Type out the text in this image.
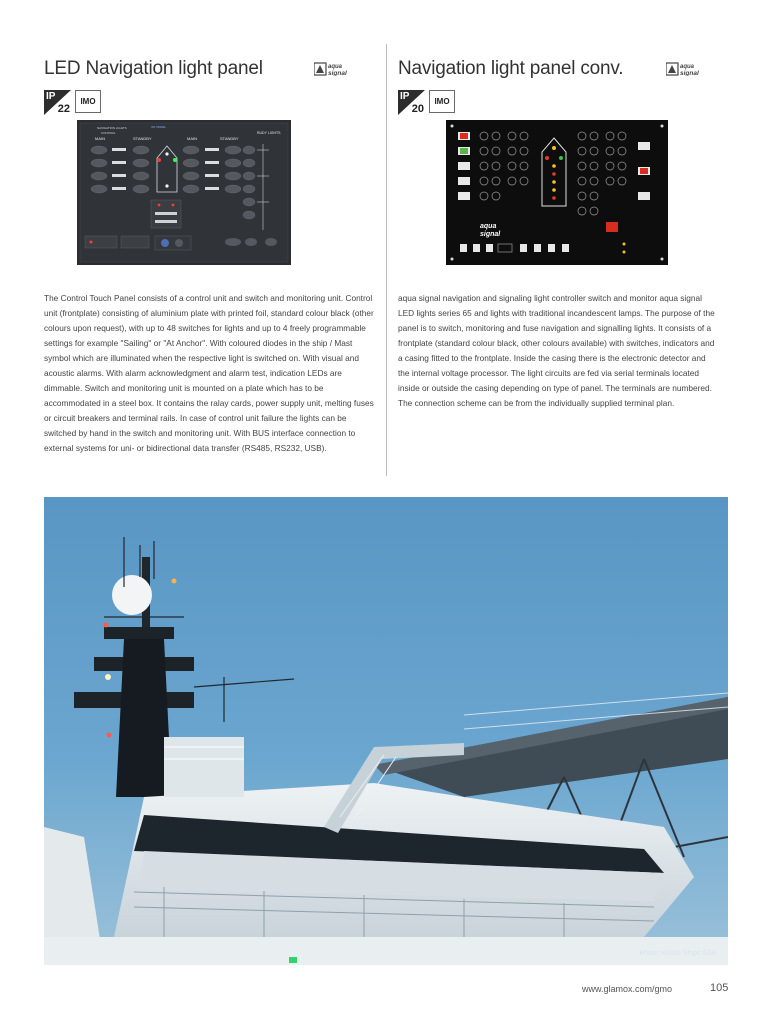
LED Navigation light panel	aqua
signal
IP
22
IMO
NAVIGATION LIGHTS
CONTROL
MAIN	STANDBY
IST MODE
MAIN	STANDBY
RUDY LIGHTS

The Control Touch Panel consists of a control unit and switch and monitoring unit. Control unit (frontplate) consisting of aluminium plate with printed foil, standard colour black (other colours upon request), with up to 48 switches for lights and up to 4 freely programmable settings for example "Sailing" or "At Anchor". With coloured diodes in the ship / Mast symbol which are illuminated when the respective light is switched on. With visual and acoustic alarms. With alarm acknowledgment and alarm test, indication LEDs are dimmable. Switch and monitoring unit is mounted on a plate which has to be accommodated in a steel box. It contains the ralay cards, power supply unit, melting fuses or circuit breakers and terminal rails. In case of control unit failure the lights can be switched by hand in the switch and monitoring unit. With BUS interface connection to external systems for uni- or bidirectional data transfer (RS485, RS232, USB).

Navigation light panel conv.	aqua
signal
IP
20
IMO
aqua
signal

aqua signal navigation and signaling light controller switch and monitor aqua signal LED lights series 65 and lights with traditional incandescent lamps. The purpose of the panel is to switch, monitoring and fuse navigation and signalling lights. It consists of a frontplate (standard colour black, other colours available) with switches, indicators and a casing fitted to the frontplate. Inside the casing there is the electronic detector and the internal voltage processor. The light circuits are fed via serial terminals located inside or outside the casing depending on type of panel. The terminals are numbered. The connection scheme can be from the individually supplied terminal plan.

Photo: Havila Ships ASA
www.glamox.com/gmo	105
